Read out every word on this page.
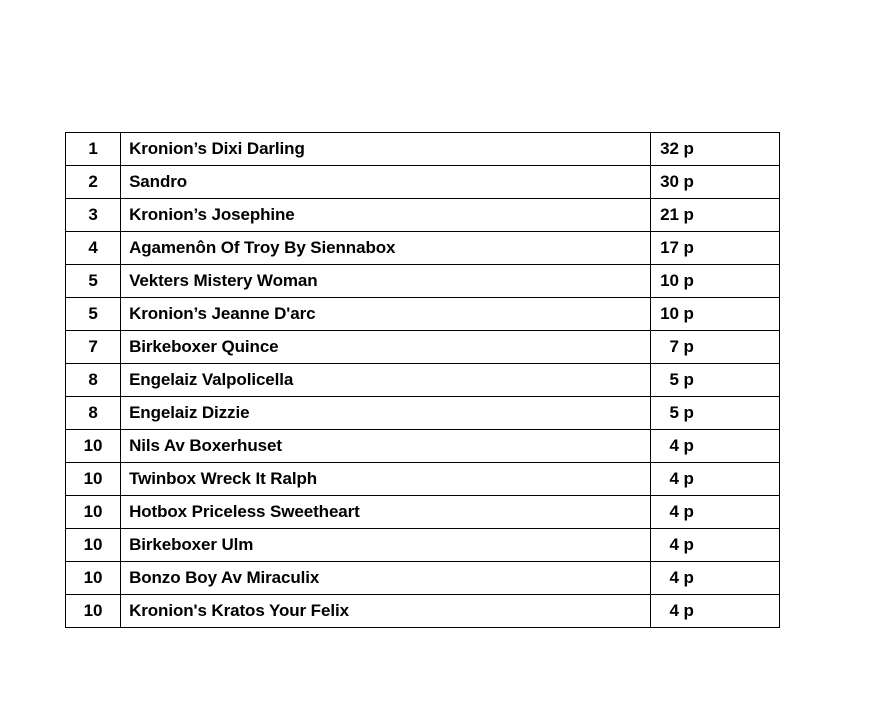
1	Kronion’s Dixi Darling	32 p
2	Sandro	30 p
3	Kronion’s Josephine	21 p
4	Agamenôn Of Troy By Siennabox	17 p
5	Vekters Mistery Woman	10 p
5	Kronion’s Jeanne D'arc	10 p
7	Birkeboxer Quince	7 p
8	Engelaiz Valpolicella	5 p
8	Engelaiz Dizzie	5 p
10	Nils Av Boxerhuset	4 p
10	Twinbox Wreck It Ralph	4 p
10	Hotbox Priceless Sweetheart	4 p
10	Birkeboxer Ulm	4 p
10	Bonzo Boy Av Miraculix	4 p
10	Kronion's Kratos Your Felix	4 p
